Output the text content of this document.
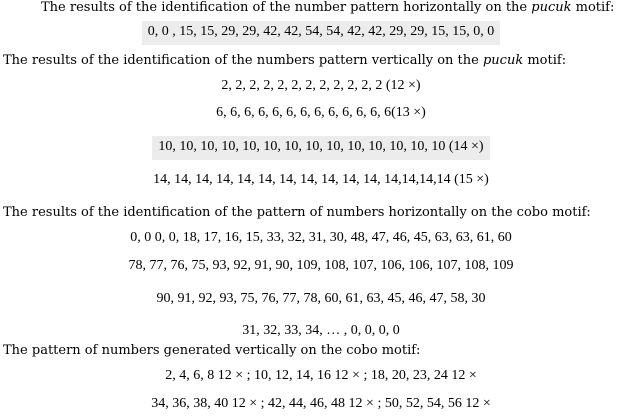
The results of the identification of the number pattern horizontally on the pucuk motif:
0, 0 , 15, 15, 29, 29, 42, 42, 54, 54, 42, 42, 29, 29, 15, 15, 0, 0
The results of the identification of the numbers pattern vertically on the pucuk motif:
2, 2, 2, 2, 2, 2, 2, 2, 2, 2, 2, 2 (12 ×)
6, 6, 6, 6, 6, 6, 6, 6, 6, 6, 6, 6, 6(13 ×)
10, 10, 10, 10, 10, 10, 10, 10, 10, 10, 10, 10, 10, 10 (14 ×)
14, 14, 14, 14, 14, 14, 14, 14, 14, 14, 14, 14,14,14,14 (15 ×)
The results of the identification of the pattern of numbers horizontally on the cobo motif:
0, 0 0, 0, 18, 17, 16, 15, 33, 32, 31, 30, 48, 47, 46, 45, 63, 63, 61, 60
78, 77, 76, 75, 93, 92, 91, 90, 109, 108, 107, 106, 106, 107, 108, 109
90, 91, 92, 93, 75, 76, 77, 78, 60, 61, 63, 45, 46, 47, 58, 30
31, 32, 33, 34, … , 0, 0, 0, 0
The pattern of numbers generated vertically on the cobo motif:
2, 4, 6, 8 12 × ; 10, 12, 14, 16 12 × ; 18, 20, 23, 24 12 ×
34, 36, 38, 40 12 × ; 42, 44, 46, 48 12 × ; 50, 52, 54, 56 12 ×
